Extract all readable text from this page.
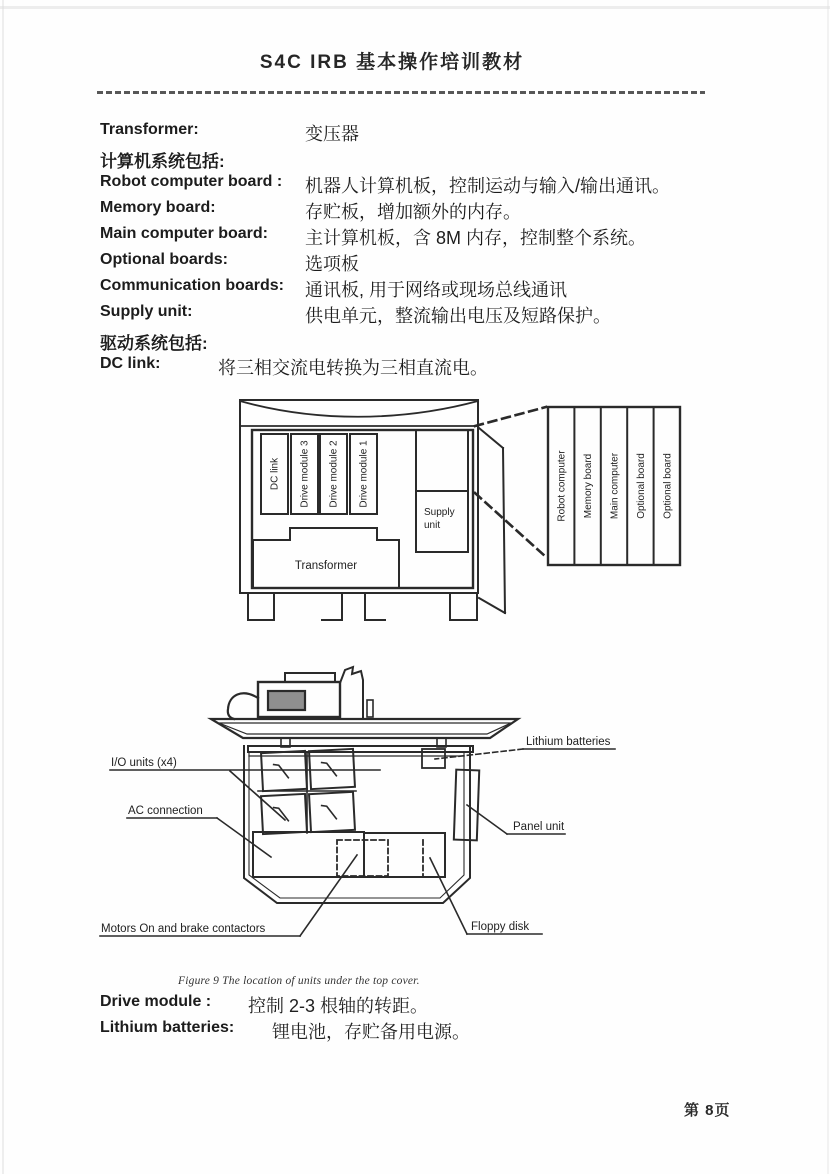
S4C IRB 基本操作培训教材
Transformer:	变压器
计算机系统包括:
Robot computer board : 机器人计算机板，控制运动与输入/输出通讯。
Memory board:	存贮板，增加额外的内存。
Main computer board: 主计算机板，含 8M 内存，控制整个系统。
Optional boards:	选项板
Communication boards: 通讯板, 用于网络或现场总线通讯
Supply unit:	供电单元，整流输出电压及短路保护。
驱动系统包括:
DC link:	将三相交流电转换为三相直流电。
DC link Drive module 3 Drive module 2 Drive module 1
Supply
unit
Transformer
Robot computer Memory board Main computer Optional board Optional board
I/O units (x4)
AC connection
Motors On and brake contactors	Floppy disk
Panel unit
Lithium batteries
Figure 9 The location of units under the top cover.
Drive module : 控制 2-3 根轴的转距。
Lithium batteries: 锂电池，存贮备用电源。
第 8页
